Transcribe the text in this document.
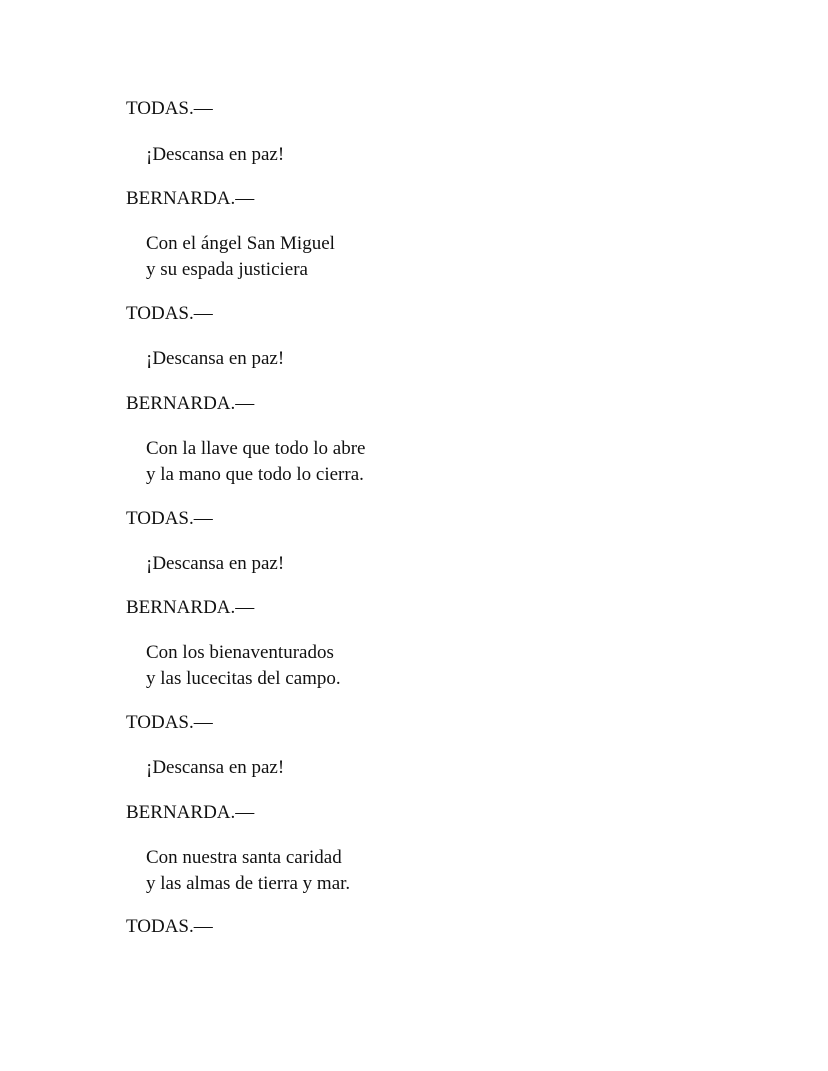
TODAS.—
¡Descansa en paz!
BERNARDA.—
Con el ángel San Miguel
y su espada justiciera
TODAS.—
¡Descansa en paz!
BERNARDA.—
Con la llave que todo lo abre
y la mano que todo lo cierra.
TODAS.—
¡Descansa en paz!
BERNARDA.—
Con los bienaventurados
y las lucecitas del campo.
TODAS.—
¡Descansa en paz!
BERNARDA.—
Con nuestra santa caridad
y las almas de tierra y mar.
TODAS.—
